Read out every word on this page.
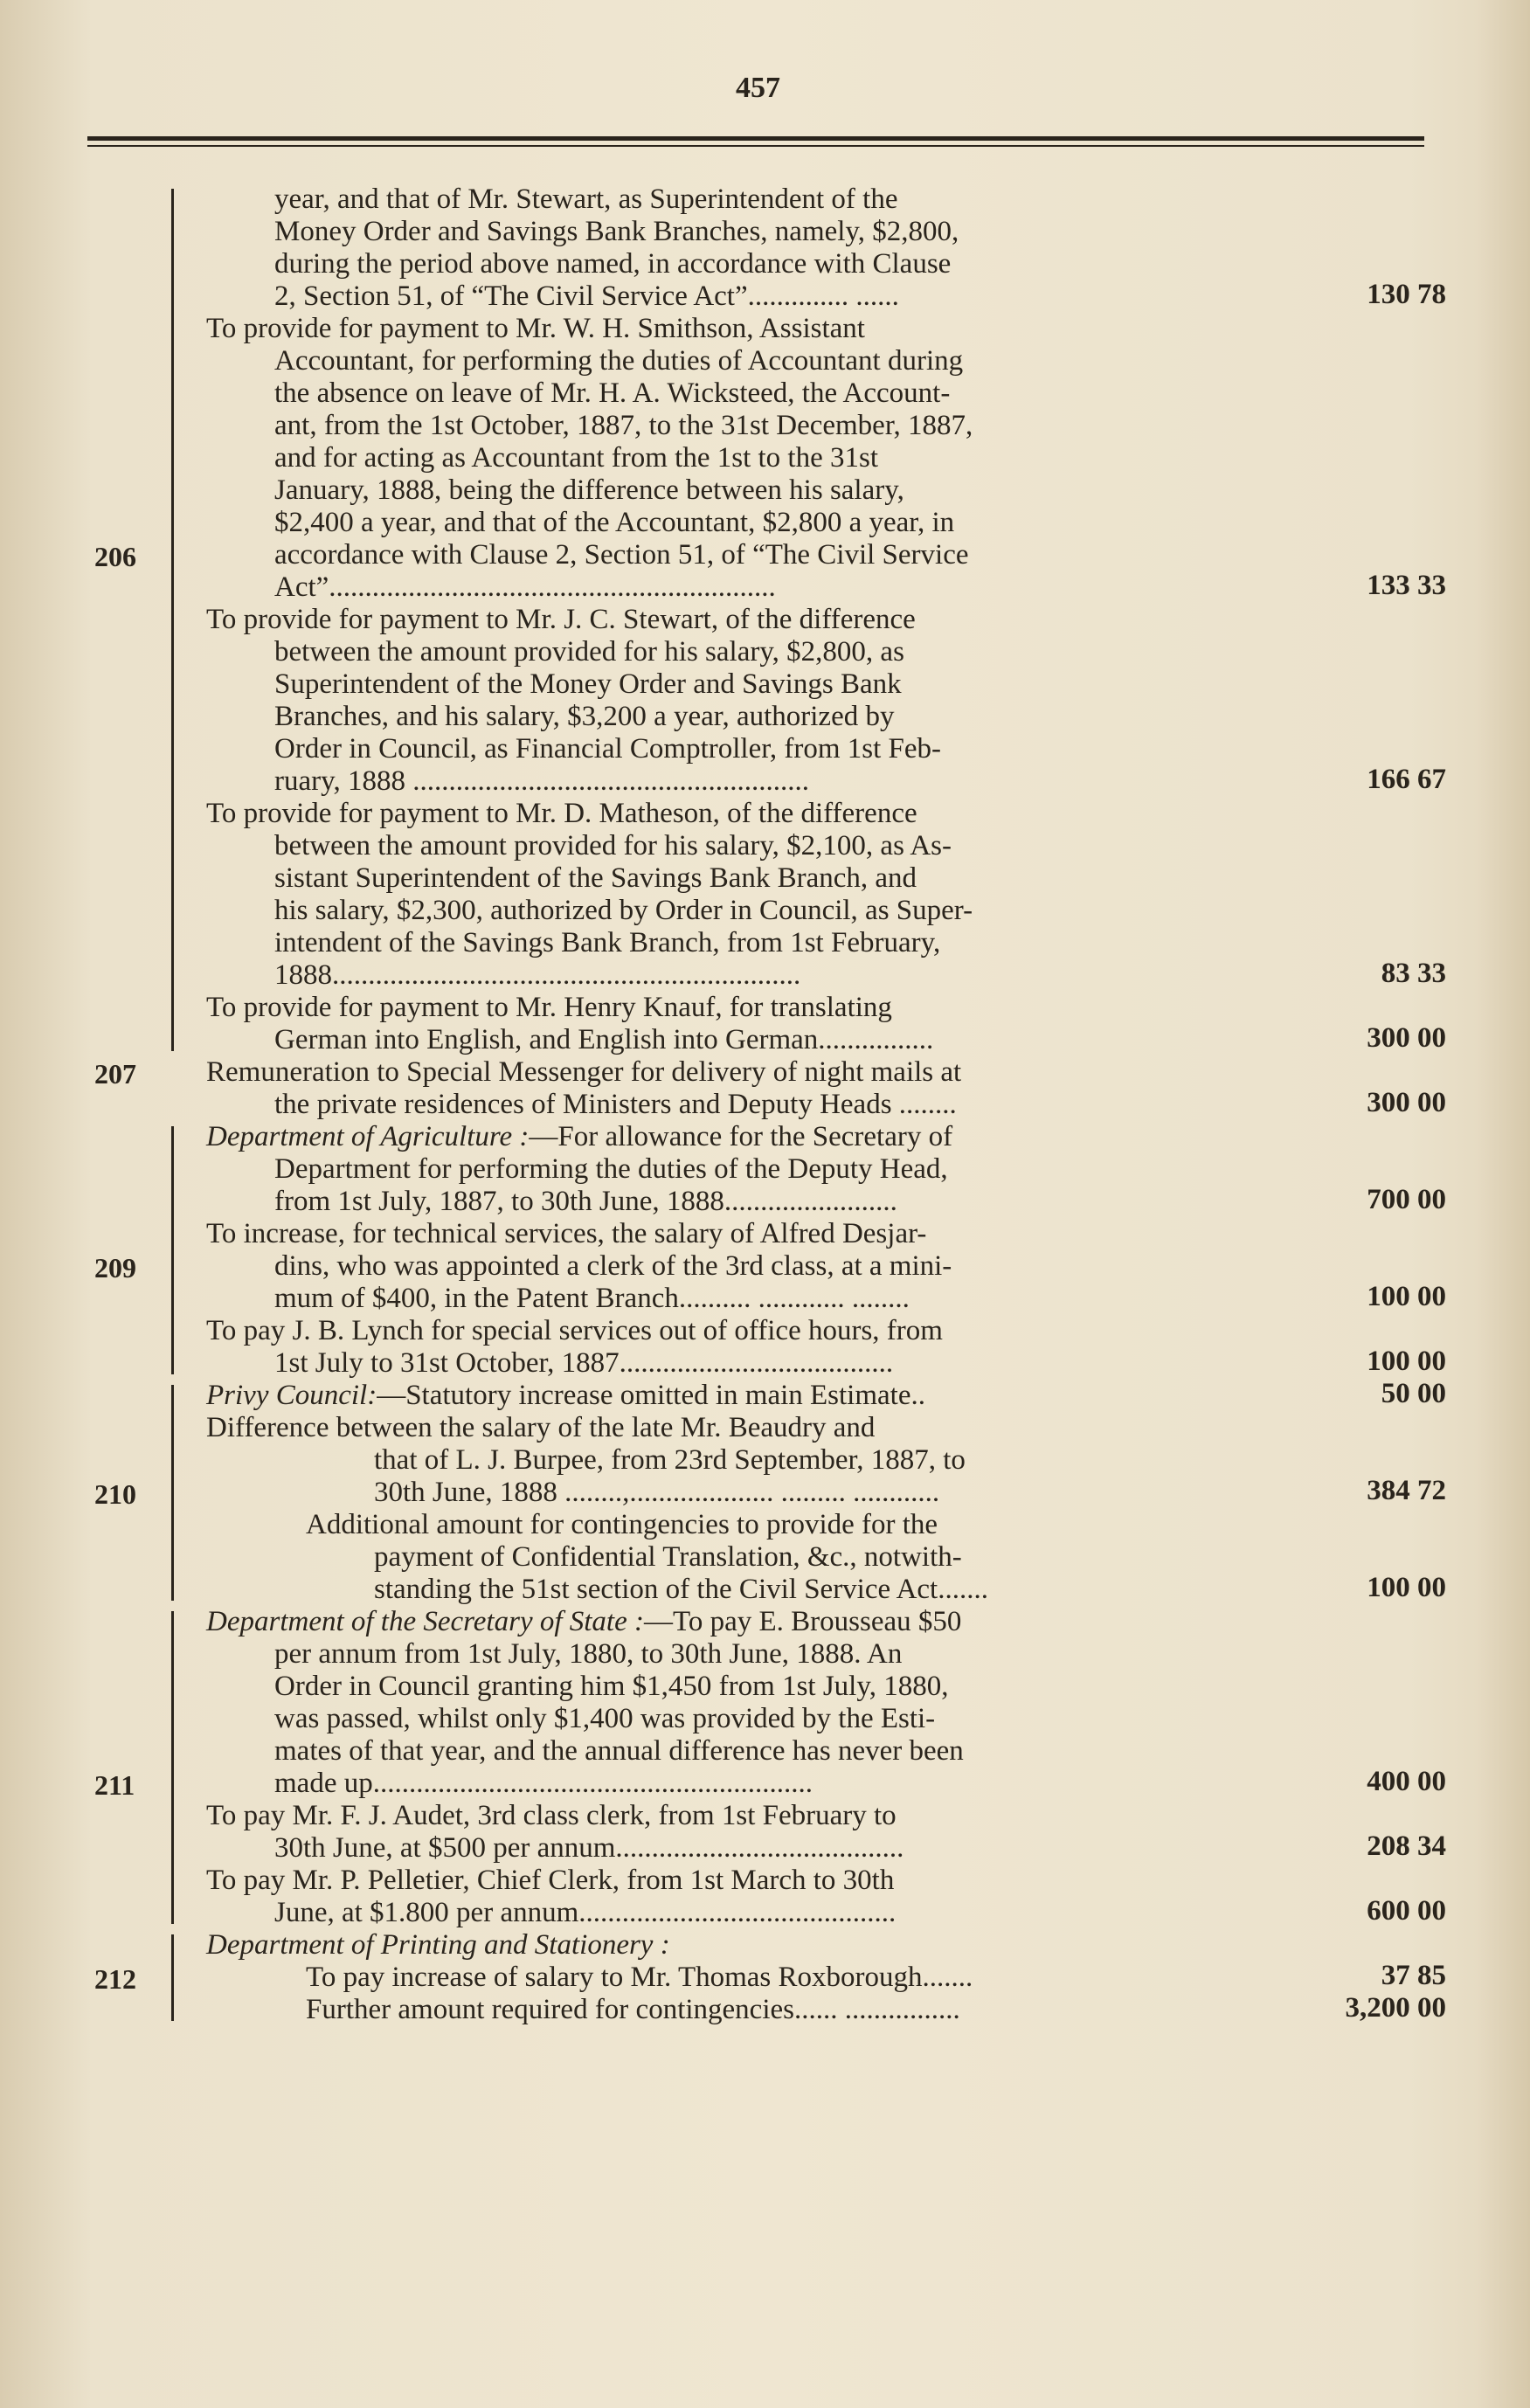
457
year, and that of Mr. Stewart, as Superintendent of the
Money Order and Savings Bank Branches, namely, $2,800,
during the period above named, in accordance with Clause
2, Section 51, of “The Civil Service Act”.............. ......	130 78
To provide for payment to Mr. W. H. Smithson, Assistant
Accountant, for performing the duties of Accountant during
the absence on leave of Mr. H. A. Wicksteed, the Account-
ant, from the 1st October, 1887, to the 31st December, 1887,
and for acting as Accountant from the 1st to the 31st
January, 1888, being the difference between his salary,
$2,400 a year, and that of the Accountant, $2,800 a year, in
accordance with Clause 2, Section 51, of “The Civil Service
Act”..............................................................	133 33
To provide for payment to Mr. J. C. Stewart, of the difference
between the amount provided for his salary, $2,800, as
Superintendent of the Money Order and Savings Bank
Branches, and his salary, $3,200 a year, authorized by
Order in Council, as Financial Comptroller, from 1st Feb-
ruary, 1888 .......................................................	166 67
To provide for payment to Mr. D. Matheson, of the difference
between the amount provided for his salary, $2,100, as As-
sistant Superintendent of the Savings Bank Branch, and
his salary, $2,300, authorized by Order in Council, as Super-
intendent of the Savings Bank Branch, from 1st February,
1888.................................................................	83 33
To provide for payment to Mr. Henry Knauf, for translating
German into English, and English into German................	300 00
206
Remuneration to Special Messenger for delivery of night mails at
the private residences of Ministers and Deputy Heads ........	300 00
207
Department of Agriculture :—For allowance for the Secretary of
Department for performing the duties of the Deputy Head,
from 1st July, 1887, to 30th June, 1888........................	700 00
To increase, for technical services, the salary of Alfred Desjar-
dins, who was appointed a clerk of the 3rd class, at a mini-
mum of $400, in the Patent Branch.......... ............ ........	100 00
To pay J. B. Lynch for special services out of office hours, from
1st July to 31st October, 1887......................................	100 00
209
Privy Council:—Statutory increase omitted in main Estimate..	50 00
Difference between the salary of the late Mr. Beaudry and
that of L. J. Burpee, from 23rd September, 1887, to
30th June, 1888 ........,.................... ......... ............	384 72
Additional amount for contingencies to provide for the
payment of Confidential Translation, &c., notwith-
standing the 51st section of the Civil Service Act.......	100 00
210
Department of the Secretary of State :—To pay E. Brousseau $50
per annum from 1st July, 1880, to 30th June, 1888. An
Order in Council granting him $1,450 from 1st July, 1880,
was passed, whilst only $1,400 was provided by the Esti-
mates of that year, and the annual difference has never been
made up.............................................................	400 00
To pay Mr. F. J. Audet, 3rd class clerk, from 1st February to
30th June, at $500 per annum........................................	208 34
To pay Mr. P. Pelletier, Chief Clerk, from 1st March to 30th
June, at $1.800 per annum............................................	600 00
211
Department of Printing and Stationery :
To pay increase of salary to Mr. Thomas Roxborough.......	37 85
Further amount required for contingencies...... ................	3,200 00
212
